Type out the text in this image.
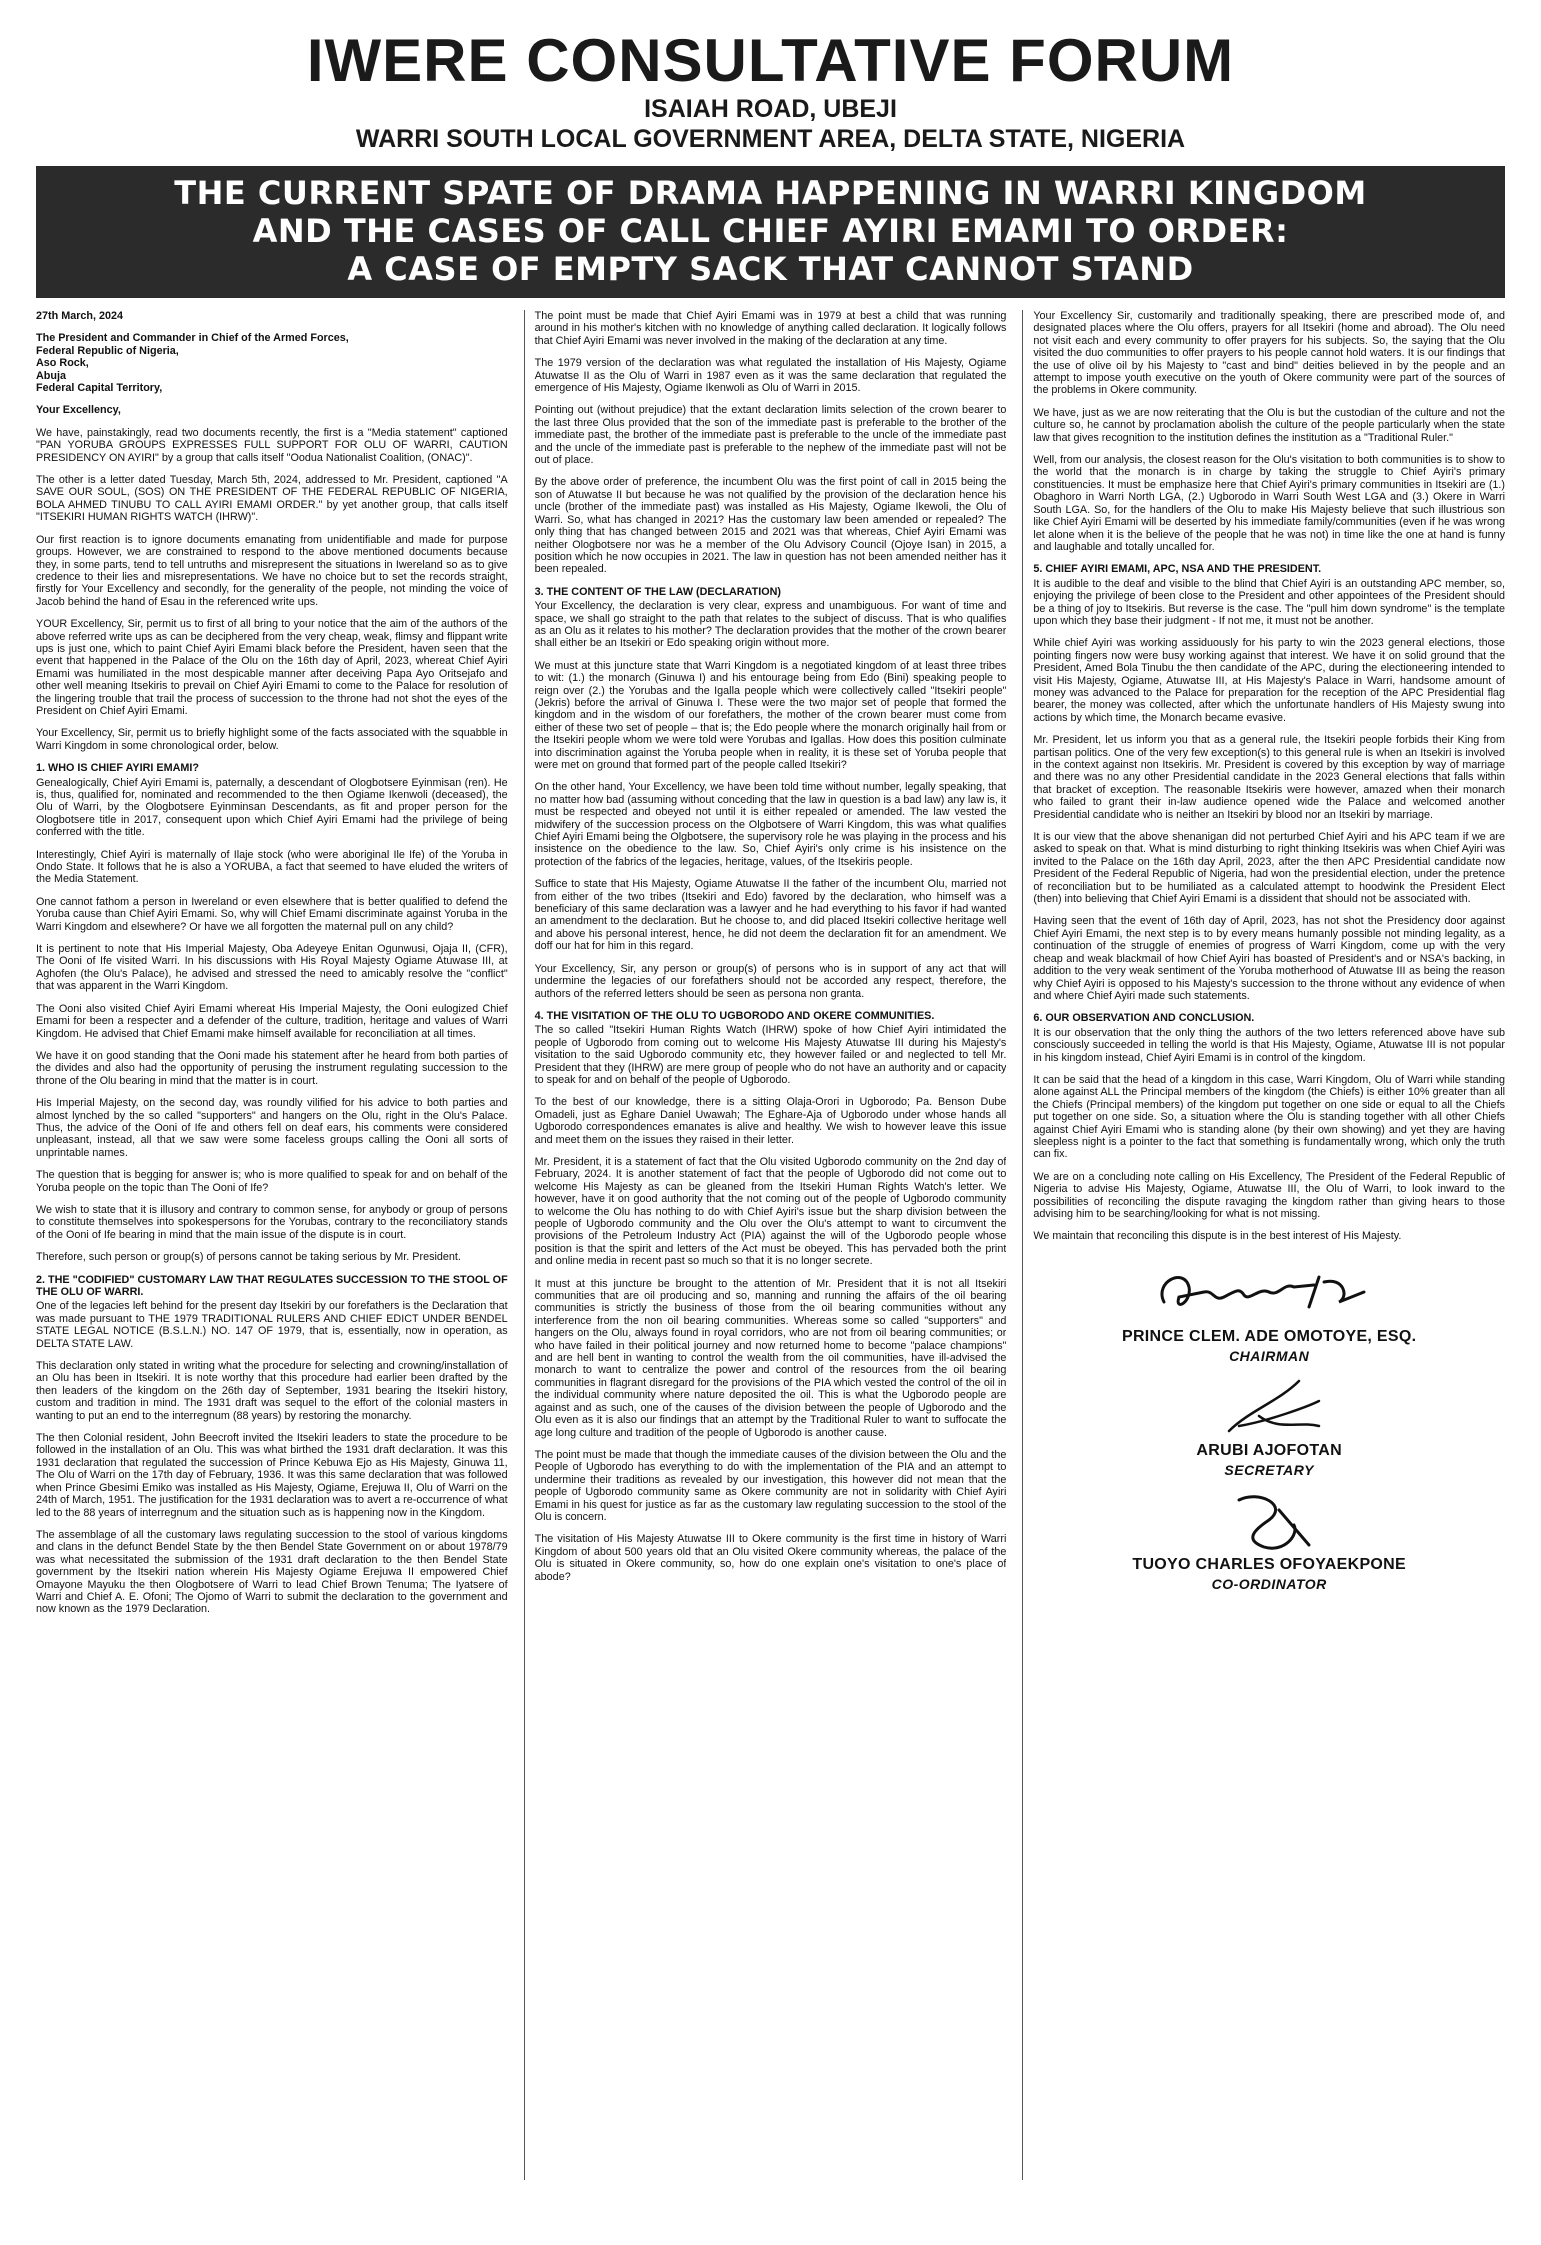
IWERE CONSULTATIVE FORUM

ISAIAH ROAD, UBEJI

WARRI SOUTH LOCAL GOVERNMENT AREA, DELTA STATE, NIGERIA

THE CURRENT SPATE OF DRAMA HAPPENING IN WARRI KINGDOM
AND THE CASES OF CALL CHIEF AYIRI EMAMI TO ORDER:
A CASE OF EMPTY SACK THAT CANNOT STAND

27th March, 2024

The President and Commander in Chief of the Armed Forces,
Federal Republic of Nigeria,
Aso Rock,
Abuja
Federal Capital Territory,

Your Excellency,

We have, painstakingly, read two documents recently, the first is a "Media statement" captioned "PAN YORUBA GROUPS EXPRESSES FULL SUPPORT FOR OLU OF WARRI, CAUTION PRESIDENCY ON AYIRI" by a group that calls itself "Oodua Nationalist Coalition, (ONAC)".

The other is a letter dated Tuesday, March 5th, 2024, addressed to Mr. President, captioned "A SAVE OUR SOUL, (SOS) ON THE PRESIDENT OF THE FEDERAL REPUBLIC OF NIGERIA, BOLA AHMED TINUBU TO CALL AYIRI EMAMI ORDER." by yet another group, that calls itself "ITSEKIRI HUMAN RIGHTS WATCH (IHRW)".

Our first reaction is to ignore documents emanating from unidentifiable and made for purpose groups. However, we are constrained to respond to the above mentioned documents because they, in some parts, tend to tell untruths and misrepresent the situations in Iwereland so as to give credence to their lies and misrepresentations. We have no choice but to set the records straight, firstly for Your Excellency and secondly, for the generality of the people, not minding the voice of Jacob behind the hand of Esau in the referenced write ups.

YOUR Excellency, Sir, permit us to first of all bring to your notice that the aim of the authors of the above referred write ups as can be deciphered from the very cheap, weak, flimsy and flippant write ups is just one, which to paint Chief Ayiri Emami black before the President, haven seen that the event that happened in the Palace of the Olu on the 16th day of April, 2023, whereat Chief Ayiri Emami was humiliated in the most despicable manner after deceiving Papa Ayo Oritsejafo and other well meaning Itsekiris to prevail on Chief Ayiri Emami to come to the Palace for resolution of the lingering trouble that trail the process of succession to the throne had not shot the eyes of the President on Chief Ayiri Emami.

Your Excellency, Sir, permit us to briefly highlight some of the facts associated with the squabble in Warri Kingdom in some chronological order, below.

1. WHO IS CHIEF AYIRI EMAMI?

Genealogically, Chief Ayiri Emami is, paternally, a descendant of Ologbotsere Eyinmisan (ren). He is, thus, qualified for, nominated and recommended to the then Ogiame Ikenwoli (deceased), the Olu of Warri, by the Ologbotsere Eyinminsan Descendants, as fit and proper person for the Ologbotsere title in 2017, consequent upon which Chief Ayiri Emami had the privilege of being conferred with the title.

Interestingly, Chief Ayiri is maternally of Ilaje stock (who were aboriginal Ile Ife) of the Yoruba in Ondo State. It follows that he is also a YORUBA, a fact that seemed to have eluded the writers of the Media Statement.

One cannot fathom a person in Iwereland or even elsewhere that is better qualified to defend the Yoruba cause than Chief Ayiri Emami. So, why will Chief Emami discriminate against Yoruba in the Warri Kingdom and elsewhere? Or have we all forgotten the maternal pull on any child?

It is pertinent to note that His Imperial Majesty, Oba Adeyeye Enitan Ogunwusi, Ojaja II, (CFR), The Ooni of Ife visited Warri. In his discussions with His Royal Majesty Ogiame Atuwase III, at Aghofen (the Olu's Palace), he advised and stressed the need to amicably resolve the "conflict" that was apparent in the Warri Kingdom.

The Ooni also visited Chief Ayiri Emami whereat His Imperial Majesty, the Ooni eulogized Chief Emami for been a respecter and a defender of the culture, tradition, heritage and values of Warri Kingdom. He advised that Chief Emami make himself available for reconciliation at all times.

We have it on good standing that the Ooni made his statement after he heard from both parties of the divides and also had the opportunity of perusing the instrument regulating succession to the throne of the Olu bearing in mind that the matter is in court.

His Imperial Majesty, on the second day, was roundly vilified for his advice to both parties and almost lynched by the so called "supporters" and hangers on the Olu, right in the Olu's Palace. Thus, the advice of the Ooni of Ife and others fell on deaf ears, his comments were considered unpleasant, instead, all that we saw were some faceless groups calling the Ooni all sorts of unprintable names.

The question that is begging for answer is; who is more qualified to speak for and on behalf of the Yoruba people on the topic than The Ooni of Ife?

We wish to state that it is illusory and contrary to common sense, for anybody or group of persons to constitute themselves into spokespersons for the Yorubas, contrary to the reconciliatory stands of the Ooni of Ife bearing in mind that the main issue of the dispute is in court.

Therefore, such person or group(s) of persons cannot be taking serious by Mr. President.

2. THE "CODIFIED" CUSTOMARY LAW THAT REGULATES SUCCESSION TO THE STOOL OF THE OLU OF WARRI.

One of the legacies left behind for the present day Itsekiri by our forefathers is the Declaration that was made pursuant to THE 1979 TRADITIONAL RULERS AND CHIEF EDICT UNDER BENDEL STATE LEGAL NOTICE (B.S.L.N.) NO. 147 OF 1979, that is, essentially, now in operation, as DELTA STATE LAW.

This declaration only stated in writing what the procedure for selecting and crowning/installation of an Olu has been in Itsekiri. It is note worthy that this procedure had earlier been drafted by the then leaders of the kingdom on the 26th day of September, 1931 bearing the Itsekiri history, custom and tradition in mind. The 1931 draft was sequel to the effort of the colonial masters in wanting to put an end to the interregnum (88 years) by restoring the monarchy.

The then Colonial resident, John Beecroft invited the Itsekiri leaders to state the procedure to be followed in the installation of an Olu. This was what birthed the 1931 draft declaration. It was this 1931 declaration that regulated the succession of Prince Kebuwa Ejo as His Majesty, Ginuwa 11, The Olu of Warri on the 17th day of February, 1936. It was this same declaration that was followed when Prince Gbesimi Emiko was installed as His Majesty, Ogiame, Erejuwa II, Olu of Warri on the 24th of March, 1951. The justification for the 1931 declaration was to avert a re-occurrence of what led to the 88 years of interregnum and the situation such as is happening now in the Kingdom.

The assemblage of all the customary laws regulating succession to the stool of various kingdoms and clans in the defunct Bendel State by the then Bendel State Government on or about 1978/79 was what necessitated the submission of the 1931 draft declaration to the then Bendel State government by the Itsekiri nation wherein His Majesty Ogiame Erejuwa II empowered Chief Omayone Mayuku the then Ologbotsere of Warri to lead Chief Brown Tenuma; The Iyatsere of Warri and Chief A. E. Ofoni; The Ojomo of Warri to submit the declaration to the government and now known as the 1979 Declaration.

The point must be made that Chief Ayiri Emami was in 1979 at best a child that was running around in his mother's kitchen with no knowledge of anything called declaration. It logically follows that Chief Ayiri Emami was never involved in the making of the declaration at any time.

The 1979 version of the declaration was what regulated the installation of His Majesty, Ogiame Atuwatse II as the Olu of Warri in 1987 even as it was the same declaration that regulated the emergence of His Majesty, Ogiame Ikenwoli as Olu of Warri in 2015.

Pointing out (without prejudice) that the extant declaration limits selection of the crown bearer to the last three Olus provided that the son of the immediate past is preferable to the brother of the immediate past, the brother of the immediate past is preferable to the uncle of the immediate past and the uncle of the immediate past is preferable to the nephew of the immediate past will not be out of place.

By the above order of preference, the incumbent Olu was the first point of call in 2015 being the son of Atuwatse II but because he was not qualified by the provision of the declaration hence his uncle (brother of the immediate past) was installed as His Majesty, Ogiame Ikewoli, the Olu of Warri. So, what has changed in 2021? Has the customary law been amended or repealed? The only thing that has changed between 2015 and 2021 was that whereas, Chief Ayiri Emami was neither Ologbotsere nor was he a member of the Olu Advisory Council (Ojoye Isan) in 2015, a position which he now occupies in 2021. The law in question has not been amended neither has it been repealed.

3. THE CONTENT OF THE LAW (DECLARATION)

Your Excellency, the declaration is very clear, express and unambiguous. For want of time and space, we shall go straight to the path that relates to the subject of discuss. That is who qualifies as an Olu as it relates to his mother? The declaration provides that the mother of the crown bearer shall either be an Itsekiri or Edo speaking origin without more.

We must at this juncture state that Warri Kingdom is a negotiated kingdom of at least three tribes to wit: (1.) the monarch (Ginuwa I) and his entourage being from Edo (Bini) speaking people to reign over (2.) the Yorubas and the Igalla people which were collectively called "Itsekiri people" (Jekris) before the arrival of Ginuwa I. These were the two major set of people that formed the kingdom and in the wisdom of our forefathers, the mother of the crown bearer must come from either of these two set of people – that is; the Edo people where the monarch originally hail from or the Itsekiri people whom we were told were Yorubas and Igallas. How does this position culminate into discrimination against the Yoruba people when in reality, it is these set of Yoruba people that were met on ground that formed part of the people called Itsekiri?

On the other hand, Your Excellency, we have been told time without number, legally speaking, that no matter how bad (assuming without conceding that the law in question is a bad law) any law is, it must be respected and obeyed not until it is either repealed or amended. The law vested the midwifery of the succession process on the Olgbotsere of Warri Kingdom, this was what qualifies Chief Ayiri Emami being the Olgbotsere, the supervisory role he was playing in the process and his insistence on the obedience to the law. So, Chief Ayiri's only crime is his insistence on the protection of the fabrics of the legacies, heritage, values, of the Itsekiris people.

Suffice to state that His Majesty, Ogiame Atuwatse II the father of the incumbent Olu, married not from either of the two tribes (Itsekiri and Edo) favored by the declaration, who himself was a beneficiary of this same declaration was a lawyer and he had everything to his favor if had wanted an amendment to the declaration. But he choose to, and did placed Itsekiri collective heritage well and above his personal interest, hence, he did not deem the declaration fit for an amendment. We doff our hat for him in this regard.

Your Excellency, Sir, any person or group(s) of persons who is in support of any act that will undermine the legacies of our forefathers should not be accorded any respect, therefore, the authors of the referred letters should be seen as persona non granta.

4. THE VISITATION OF THE OLU TO UGBORODO AND OKERE COMMUNITIES.

The so called "Itsekiri Human Rights Watch (IHRW) spoke of how Chief Ayiri intimidated the people of Ugborodo from coming out to welcome His Majesty Atuwatse III during his Majesty's visitation to the said Ugborodo community etc, they however failed or and neglected to tell Mr. President that they (IHRW) are mere group of people who do not have an authority and or capacity to speak for and on behalf of the people of Ugborodo.

To the best of our knowledge, there is a sitting Olaja-Orori in Ugborodo; Pa. Benson Dube Omadeli, just as Eghare Daniel Uwawah; The Eghare-Aja of Ugborodo under whose hands all Ugborodo correspondences emanates is alive and healthy. We wish to however leave this issue and meet them on the issues they raised in their letter.

Mr. President, it is a statement of fact that the Olu visited Ugborodo community on the 2nd day of February, 2024. It is another statement of fact that the people of Ugborodo did not come out to welcome His Majesty as can be gleaned from the Itsekiri Human Rights Watch's letter. We however, have it on good authority that the not coming out of the people of Ugborodo community to welcome the Olu has nothing to do with Chief Ayiri's issue but the sharp division between the people of Ugborodo community and the Olu over the Olu's attempt to want to circumvent the provisions of the Petroleum Industry Act (PIA) against the will of the Ugborodo people whose position is that the spirit and letters of the Act must be obeyed. This has pervaded both the print and online media in recent past so much so that it is no longer secrete.

It must at this juncture be brought to the attention of Mr. President that it is not all Itsekiri communities that are oil producing and so, manning and running the affairs of the oil bearing communities is strictly the business of those from the oil bearing communities without any interference from the non oil bearing communities. Whereas some so called "supporters" and hangers on the Olu, always found in royal corridors, who are not from oil bearing communities; or who have failed in their political journey and now returned home to become "palace champions" and are hell bent in wanting to control the wealth from the oil communities, have ill-advised the monarch to want to centralize the power and control of the resources from the oil bearing communities in flagrant disregard for the provisions of the PIA which vested the control of the oil in the individual community where nature deposited the oil. This is what the Ugborodo people are against and as such, one of the causes of the division between the people of Ugborodo and the Olu even as it is also our findings that an attempt by the Traditional Ruler to want to suffocate the age long culture and tradition of the people of Ugborodo is another cause.

The point must be made that though the immediate causes of the division between the Olu and the People of Ugborodo has everything to do with the implementation of the PIA and an attempt to undermine their traditions as revealed by our investigation, this however did not mean that the people of Ugborodo community same as Okere community are not in solidarity with Chief Ayiri Emami in his quest for justice as far as the customary law regulating succession to the stool of the Olu is concern.

The visitation of His Majesty Atuwatse III to Okere community is the first time in history of Warri Kingdom of about 500 years old that an Olu visited Okere community whereas, the palace of the Olu is situated in Okere community, so, how do one explain one's visitation to one's place of abode?

Your Excellency Sir, customarily and traditionally speaking, there are prescribed mode of, and designated places where the Olu offers, prayers for all Itsekiri (home and abroad). The Olu need not visit each and every community to offer prayers for his subjects. So, the saying that the Olu visited the duo communities to offer prayers to his people cannot hold waters. It is our findings that the use of olive oil by his Majesty to "cast and bind" deities believed in by the people and an attempt to impose youth executive on the youth of Okere community were part of the sources of the problems in Okere community.

We have, just as we are now reiterating that the Olu is but the custodian of the culture and not the culture so, he cannot by proclamation abolish the culture of the people particularly when the state law that gives recognition to the institution defines the institution as a "Traditional Ruler."

Well, from our analysis, the closest reason for the Olu's visitation to both communities is to show to the world that the monarch is in charge by taking the struggle to Chief Ayiri's primary constituencies. It must be emphasize here that Chief Ayiri's primary communities in Itsekiri are (1.) Obaghoro in Warri North LGA, (2.) Ugborodo in Warri South West LGA and (3.) Okere in Warri South LGA. So, for the handlers of the Olu to make His Majesty believe that such illustrious son like Chief Ayiri Emami will be deserted by his immediate family/communities (even if he was wrong let alone when it is the believe of the people that he was not) in time like the one at hand is funny and laughable and totally uncalled for.

5. CHIEF AYIRI EMAMI, APC, NSA AND THE PRESIDENT.

It is audible to the deaf and visible to the blind that Chief Ayiri is an outstanding APC member, so, enjoying the privilege of been close to the President and other appointees of the President should be a thing of joy to Itsekiris. But reverse is the case. The "pull him down syndrome" is the template upon which they base their judgment - If not me, it must not be another.

While chief Ayiri was working assiduously for his party to win the 2023 general elections, those pointing fingers now were busy working against that interest. We have it on solid ground that the President, Amed Bola Tinubu the then candidate of the APC, during the electioneering intended to visit His Majesty, Ogiame, Atuwatse III, at His Majesty's Palace in Warri, handsome amount of money was advanced to the Palace for preparation for the reception of the APC Presidential flag bearer, the money was collected, after which the unfortunate handlers of His Majesty swung into actions by which time, the Monarch became evasive.

Mr. President, let us inform you that as a general rule, the Itsekiri people forbids their King from partisan politics. One of the very few exception(s) to this general rule is when an Itsekiri is involved in the context against non Itsekiris. Mr. President is covered by this exception by way of marriage and there was no any other Presidential candidate in the 2023 General elections that falls within that bracket of exception. The reasonable Itsekiris were however, amazed when their monarch who failed to grant their in-law audience opened wide the Palace and welcomed another Presidential candidate who is neither an Itsekiri by blood nor an Itsekiri by marriage.

It is our view that the above shenanigan did not perturbed Chief Ayiri and his APC team if we are asked to speak on that. What is mind disturbing to right thinking Itsekiris was when Chief Ayiri was invited to the Palace on the 16th day April, 2023, after the then APC Presidential candidate now President of the Federal Republic of Nigeria, had won the presidential election, under the pretence of reconciliation but to be humiliated as a calculated attempt to hoodwink the President Elect (then) into believing that Chief Ayiri Emami is a dissident that should not be associated with.

Having seen that the event of 16th day of April, 2023, has not shot the Presidency door against Chief Ayiri Emami, the next step is to by every means humanly possible not minding legality, as a continuation of the struggle of enemies of progress of Warri Kingdom, come up with the very cheap and weak blackmail of how Chief Ayiri has boasted of President's and or NSA's backing, in addition to the very weak sentiment of the Yoruba motherhood of Atuwatse III as being the reason why Chief Ayiri is opposed to his Majesty's succession to the throne without any evidence of when and where Chief Ayiri made such statements.

6. OUR OBSERVATION AND CONCLUSION.

It is our observation that the only thing the authors of the two letters referenced above have sub consciously succeeded in telling the world is that His Majesty, Ogiame, Atuwatse III is not popular in his kingdom instead, Chief Ayiri Emami is in control of the kingdom.

It can be said that the head of a kingdom in this case, Warri Kingdom, Olu of Warri while standing alone against ALL the Principal members of the kingdom (the Chiefs) is either 10% greater than all the Chiefs (Principal members) of the kingdom put together on one side or equal to all the Chiefs put together on one side. So, a situation where the Olu is standing together with all other Chiefs against Chief Ayiri Emami who is standing alone (by their own showing) and yet they are having sleepless night is a pointer to the fact that something is fundamentally wrong, which only the truth can fix.

We are on a concluding note calling on His Excellency, The President of the Federal Republic of Nigeria to advise His Majesty, Ogiame, Atuwatse III, the Olu of Warri, to look inward to the possibilities of reconciling the dispute ravaging the kingdom rather than giving hears to those advising him to be searching/looking for what is not missing.

We maintain that reconciling this dispute is in the best interest of His Majesty.

PRINCE CLEM. ADE OMOTOYE, ESQ.
CHAIRMAN
ARUBI AJOFOTAN
SECRETARY
TUOYO CHARLES OFOYAEKPONE
CO-ORDINATOR
